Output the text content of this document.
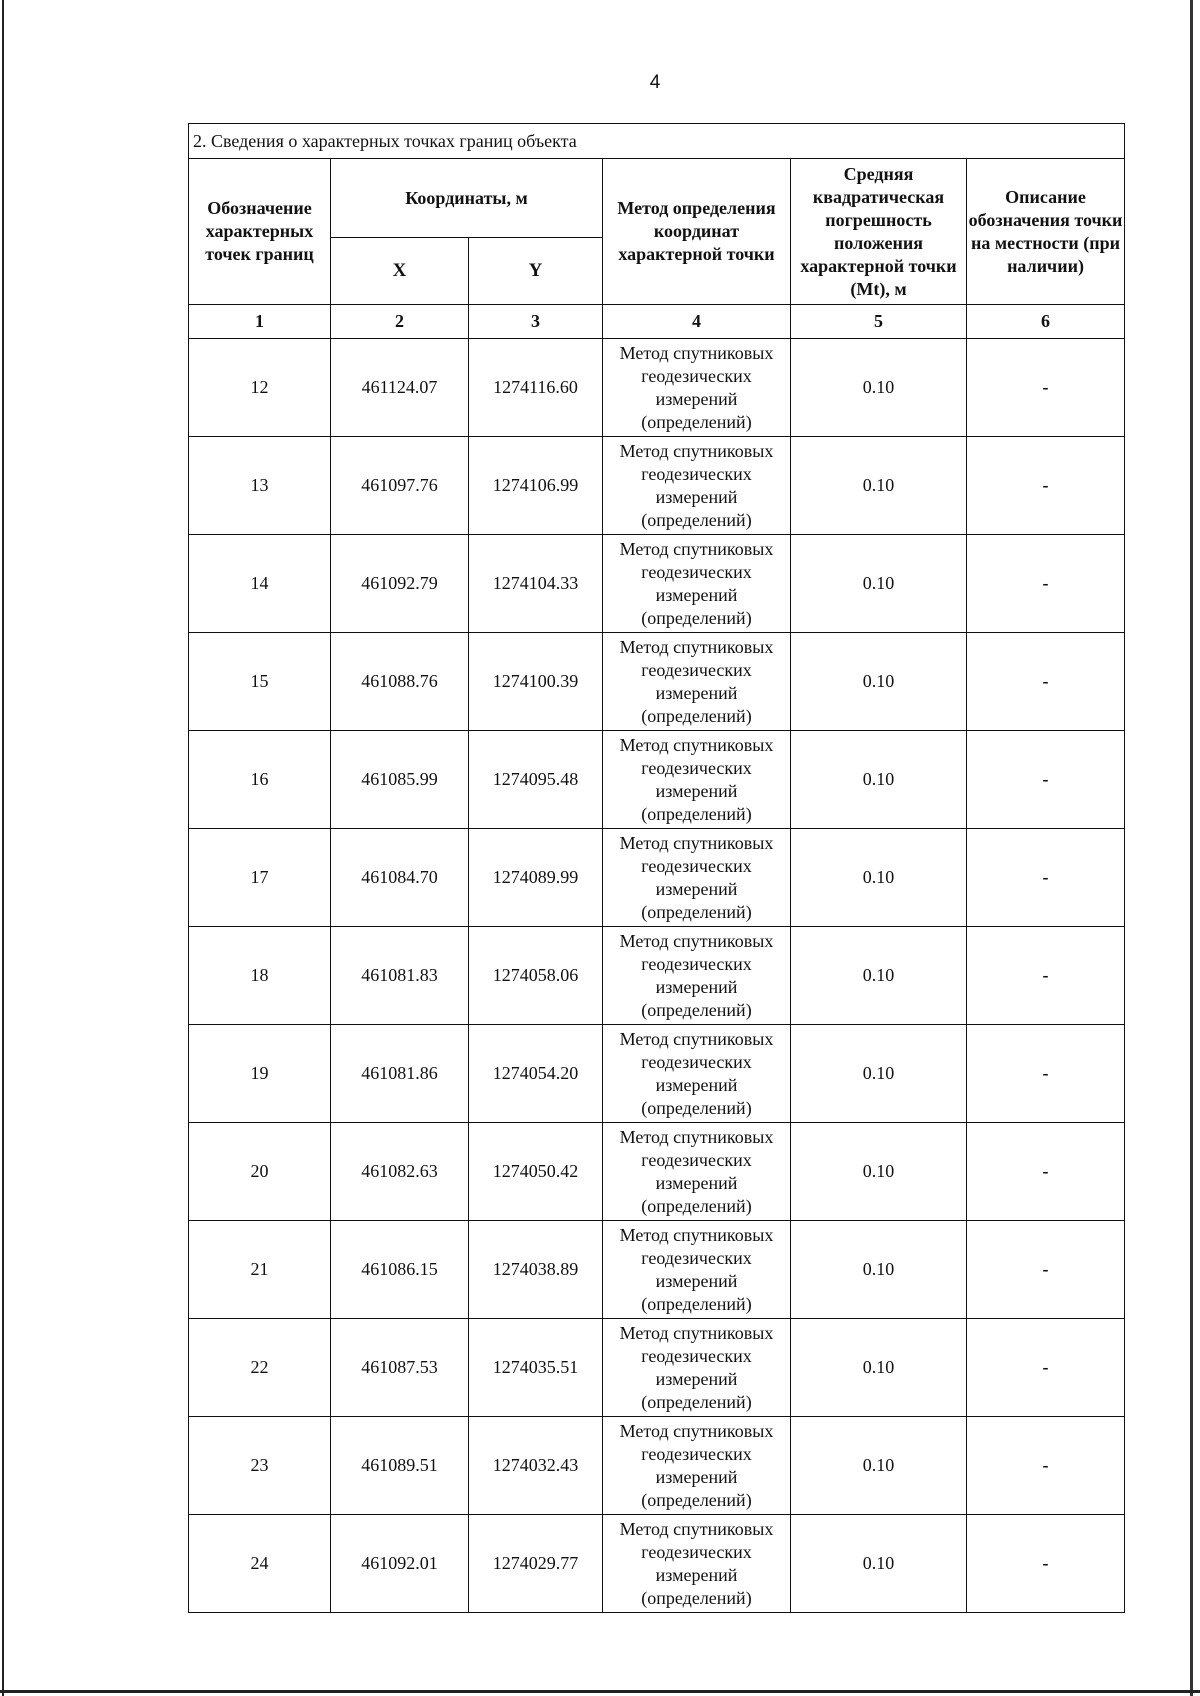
4
2. Сведения о характерных точках границ объекта					
Обозначение характерных точек границ	Координаты, м		Метод определения координат характерной точки	Средняя квадратическая погрешность положения характерной точки (Mt), м	Описание обозначения точки на местности (при наличии)
	X	Y			
1	2	3	4	5	6
12	461124.07	1274116.60	Метод спутниковых геодезических измерений (определений)	0.10	-
13	461097.76	1274106.99	Метод спутниковых геодезических измерений (определений)	0.10	-
14	461092.79	1274104.33	Метод спутниковых геодезических измерений (определений)	0.10	-
15	461088.76	1274100.39	Метод спутниковых геодезических измерений (определений)	0.10	-
16	461085.99	1274095.48	Метод спутниковых геодезических измерений (определений)	0.10	-
17	461084.70	1274089.99	Метод спутниковых геодезических измерений (определений)	0.10	-
18	461081.83	1274058.06	Метод спутниковых геодезических измерений (определений)	0.10	-
19	461081.86	1274054.20	Метод спутниковых геодезических измерений (определений)	0.10	-
20	461082.63	1274050.42	Метод спутниковых геодезических измерений (определений)	0.10	-
21	461086.15	1274038.89	Метод спутниковых геодезических измерений (определений)	0.10	-
22	461087.53	1274035.51	Метод спутниковых геодезических измерений (определений)	0.10	-
23	461089.51	1274032.43	Метод спутниковых геодезических измерений (определений)	0.10	-
24	461092.01	1274029.77	Метод спутниковых геодезических измерений (определений)	0.10	-
